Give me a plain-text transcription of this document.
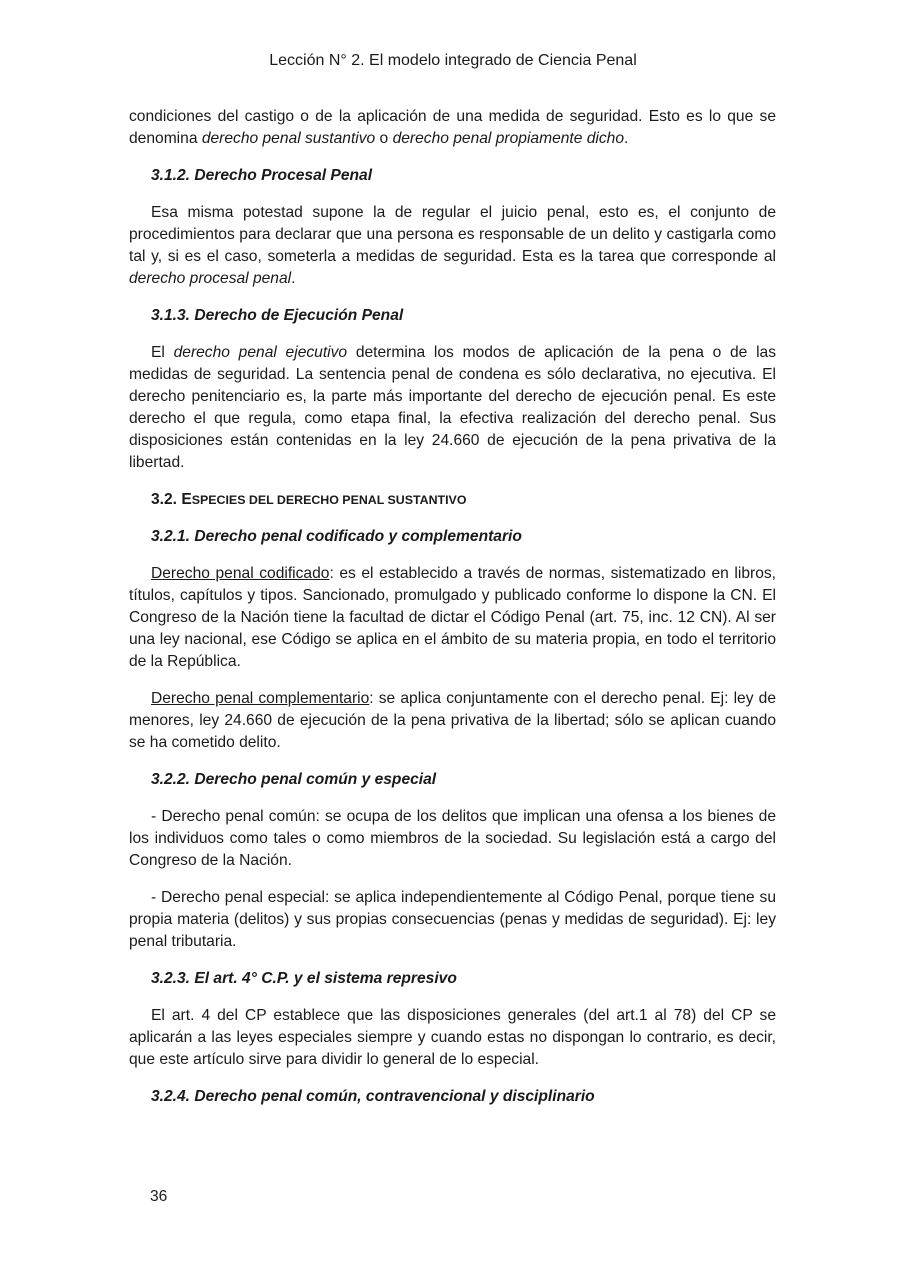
Lección N° 2. El modelo integrado de Ciencia Penal

condiciones del castigo o de la aplicación de una medida de seguridad. Esto es lo que se denomina derecho penal sustantivo o derecho penal propiamente dicho.

3.1.2. Derecho Procesal Penal

Esa misma potestad supone la de regular el juicio penal, esto es, el conjunto de procedimientos para declarar que una persona es responsable de un delito y castigarla como tal y, si es el caso, someterla a medidas de seguridad. Esta es la tarea que corresponde al derecho procesal penal.

3.1.3. Derecho de Ejecución Penal

El derecho penal ejecutivo determina los modos de aplicación de la pena o de las medidas de seguridad. La sentencia penal de condena es sólo declarativa, no ejecutiva. El derecho penitenciario es, la parte más importante del derecho de ejecución penal. Es este derecho el que regula, como etapa final, la efectiva realización del derecho penal. Sus disposiciones están contenidas en la ley 24.660 de ejecución de la pena privativa de la libertad.

3.2. ESPECIES DEL DERECHO PENAL SUSTANTIVO
3.2.1. Derecho penal codificado y complementario

Derecho penal codificado: es el establecido a través de normas, sistematizado en libros, títulos, capítulos y tipos. Sancionado, promulgado y publicado conforme lo dispone la CN. El Congreso de la Nación tiene la facultad de dictar el Código Penal (art. 75, inc. 12 CN). Al ser una ley nacional, ese Código se aplica en el ámbito de su materia propia, en todo el territorio de la República.

Derecho penal complementario: se aplica conjuntamente con el derecho penal. Ej: ley de menores, ley 24.660 de ejecución de la pena privativa de la libertad; sólo se aplican cuando se ha cometido delito.

3.2.2. Derecho penal común y especial

- Derecho penal común: se ocupa de los delitos que implican una ofensa a los bienes de los individuos como tales o como miembros de la sociedad. Su legislación está a cargo del Congreso de la Nación.

- Derecho penal especial: se aplica independientemente al Código Penal, porque tiene su propia materia (delitos) y sus propias consecuencias (penas y medidas de seguridad). Ej: ley penal tributaria.

3.2.3. El art. 4° C.P. y el sistema represivo

El art. 4 del CP establece que las disposiciones generales (del art.1 al 78) del CP se aplicarán a las leyes especiales siempre y cuando estas no dispongan lo contrario, es decir, que este artículo sirve para dividir lo general de lo especial.

3.2.4. Derecho penal común, contravencional y disciplinario
36
